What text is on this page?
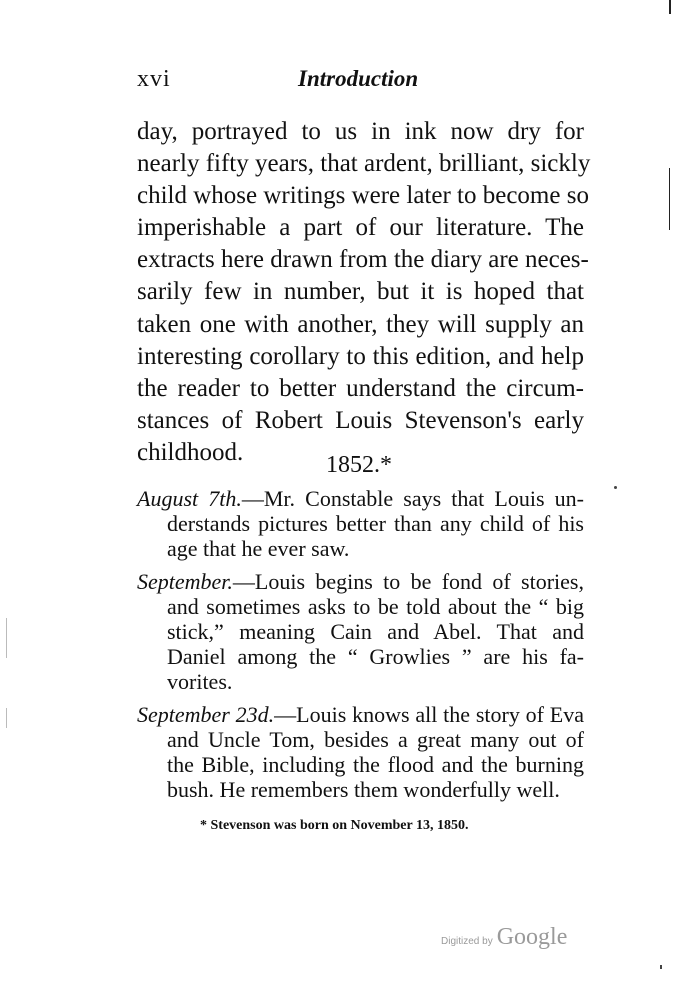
xvi	Introduction
day, portrayed to us in ink now dry for
nearly fifty years, that ardent, brilliant, sickly
child whose writings were later to become so
imperishable a part of our literature. The
extracts here drawn from the diary are neces-
sarily few in number, but it is hoped that
taken one with another, they will supply an
interesting corollary to this edition, and help
the reader to better understand the circum-
stances of Robert Louis Stevenson's early
childhood.	1852.*
August 7th.—Mr. Constable says that Louis un-
derstands pictures better than any child of his
age that he ever saw.
September.—Louis begins to be fond of stories,
and sometimes asks to be told about the “ big
stick,” meaning Cain and Abel. That and
Daniel among the “ Growlies ” are his fa-
vorites.
September 23d.—Louis knows all the story of Eva
and Uncle Tom, besides a great many out of
the Bible, including the flood and the burning
bush. He remembers them wonderfully well.
* Stevenson was born on November 13, 1850.
Digitized by Google
